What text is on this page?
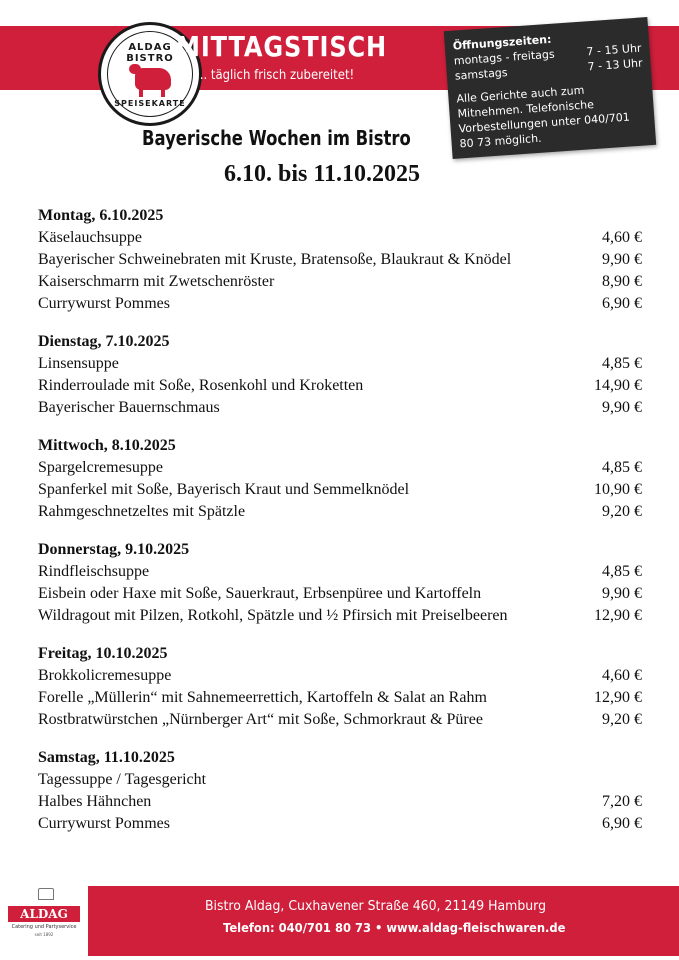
ALDAG BISTRO
SPEISEKARTE
MITTAGSTISCH
... täglich frisch zubereitet!
Öffnungszeiten:
montags - freitags	7 - 15 Uhr
samstags
7 - 13 Uhr
Alle Gerichte auch zum Mitnehmen. Telefonische Vorbestellungen unter 040/701 80 73 möglich.
Bayerische Wochen im Bistro
6.10. bis 11.10.2025
Montag, 6.10.2025
Käselauchsuppe	4,60 €
Bayerischer Schweinebraten mit Kruste, Bratensoße, Blaukraut & Knödel	9,90 €
Kaiserschmarrn mit Zwetschenröster	8,90 €
Currywurst Pommes	6,90 €
Dienstag, 7.10.2025
Linsensuppe	4,85 €
Rinderroulade mit Soße, Rosenkohl und Kroketten	14,90 €
Bayerischer Bauernschmaus	9,90 €
Mittwoch, 8.10.2025
Spargelcremesuppe	4,85 €
Spanferkel mit Soße, Bayerisch Kraut und Semmelknödel	10,90 €
Rahmgeschnetzeltes mit Spätzle	9,20 €
Donnerstag, 9.10.2025
Rindfleischsuppe	4,85 €
Eisbein oder Haxe mit Soße, Sauerkraut, Erbsenpüree und Kartoffeln	9,90 €
Wildragout mit Pilzen, Rotkohl, Spätzle und ½ Pfirsich mit Preiselbeeren	12,90 €
Freitag, 10.10.2025
Brokkolicremesuppe	4,60 €
Forelle „Müllerin“ mit Sahnemeerrettich, Kartoffeln & Salat an Rahm	12,90 €
Rostbratwürstchen „Nürnberger Art“ mit Soße, Schmorkraut & Püree	9,20 €
Samstag, 11.10.2025
Tagessuppe / Tagesgericht
Halbes Hähnchen	7,20 €
Currywurst Pommes	6,90 €
ALDAG
Catering und Partyservice
seit 1892
Bistro Aldag, Cuxhavener Straße 460, 21149 Hamburg
Telefon: 040/701 80 73 • www.aldag-fleischwaren.de
